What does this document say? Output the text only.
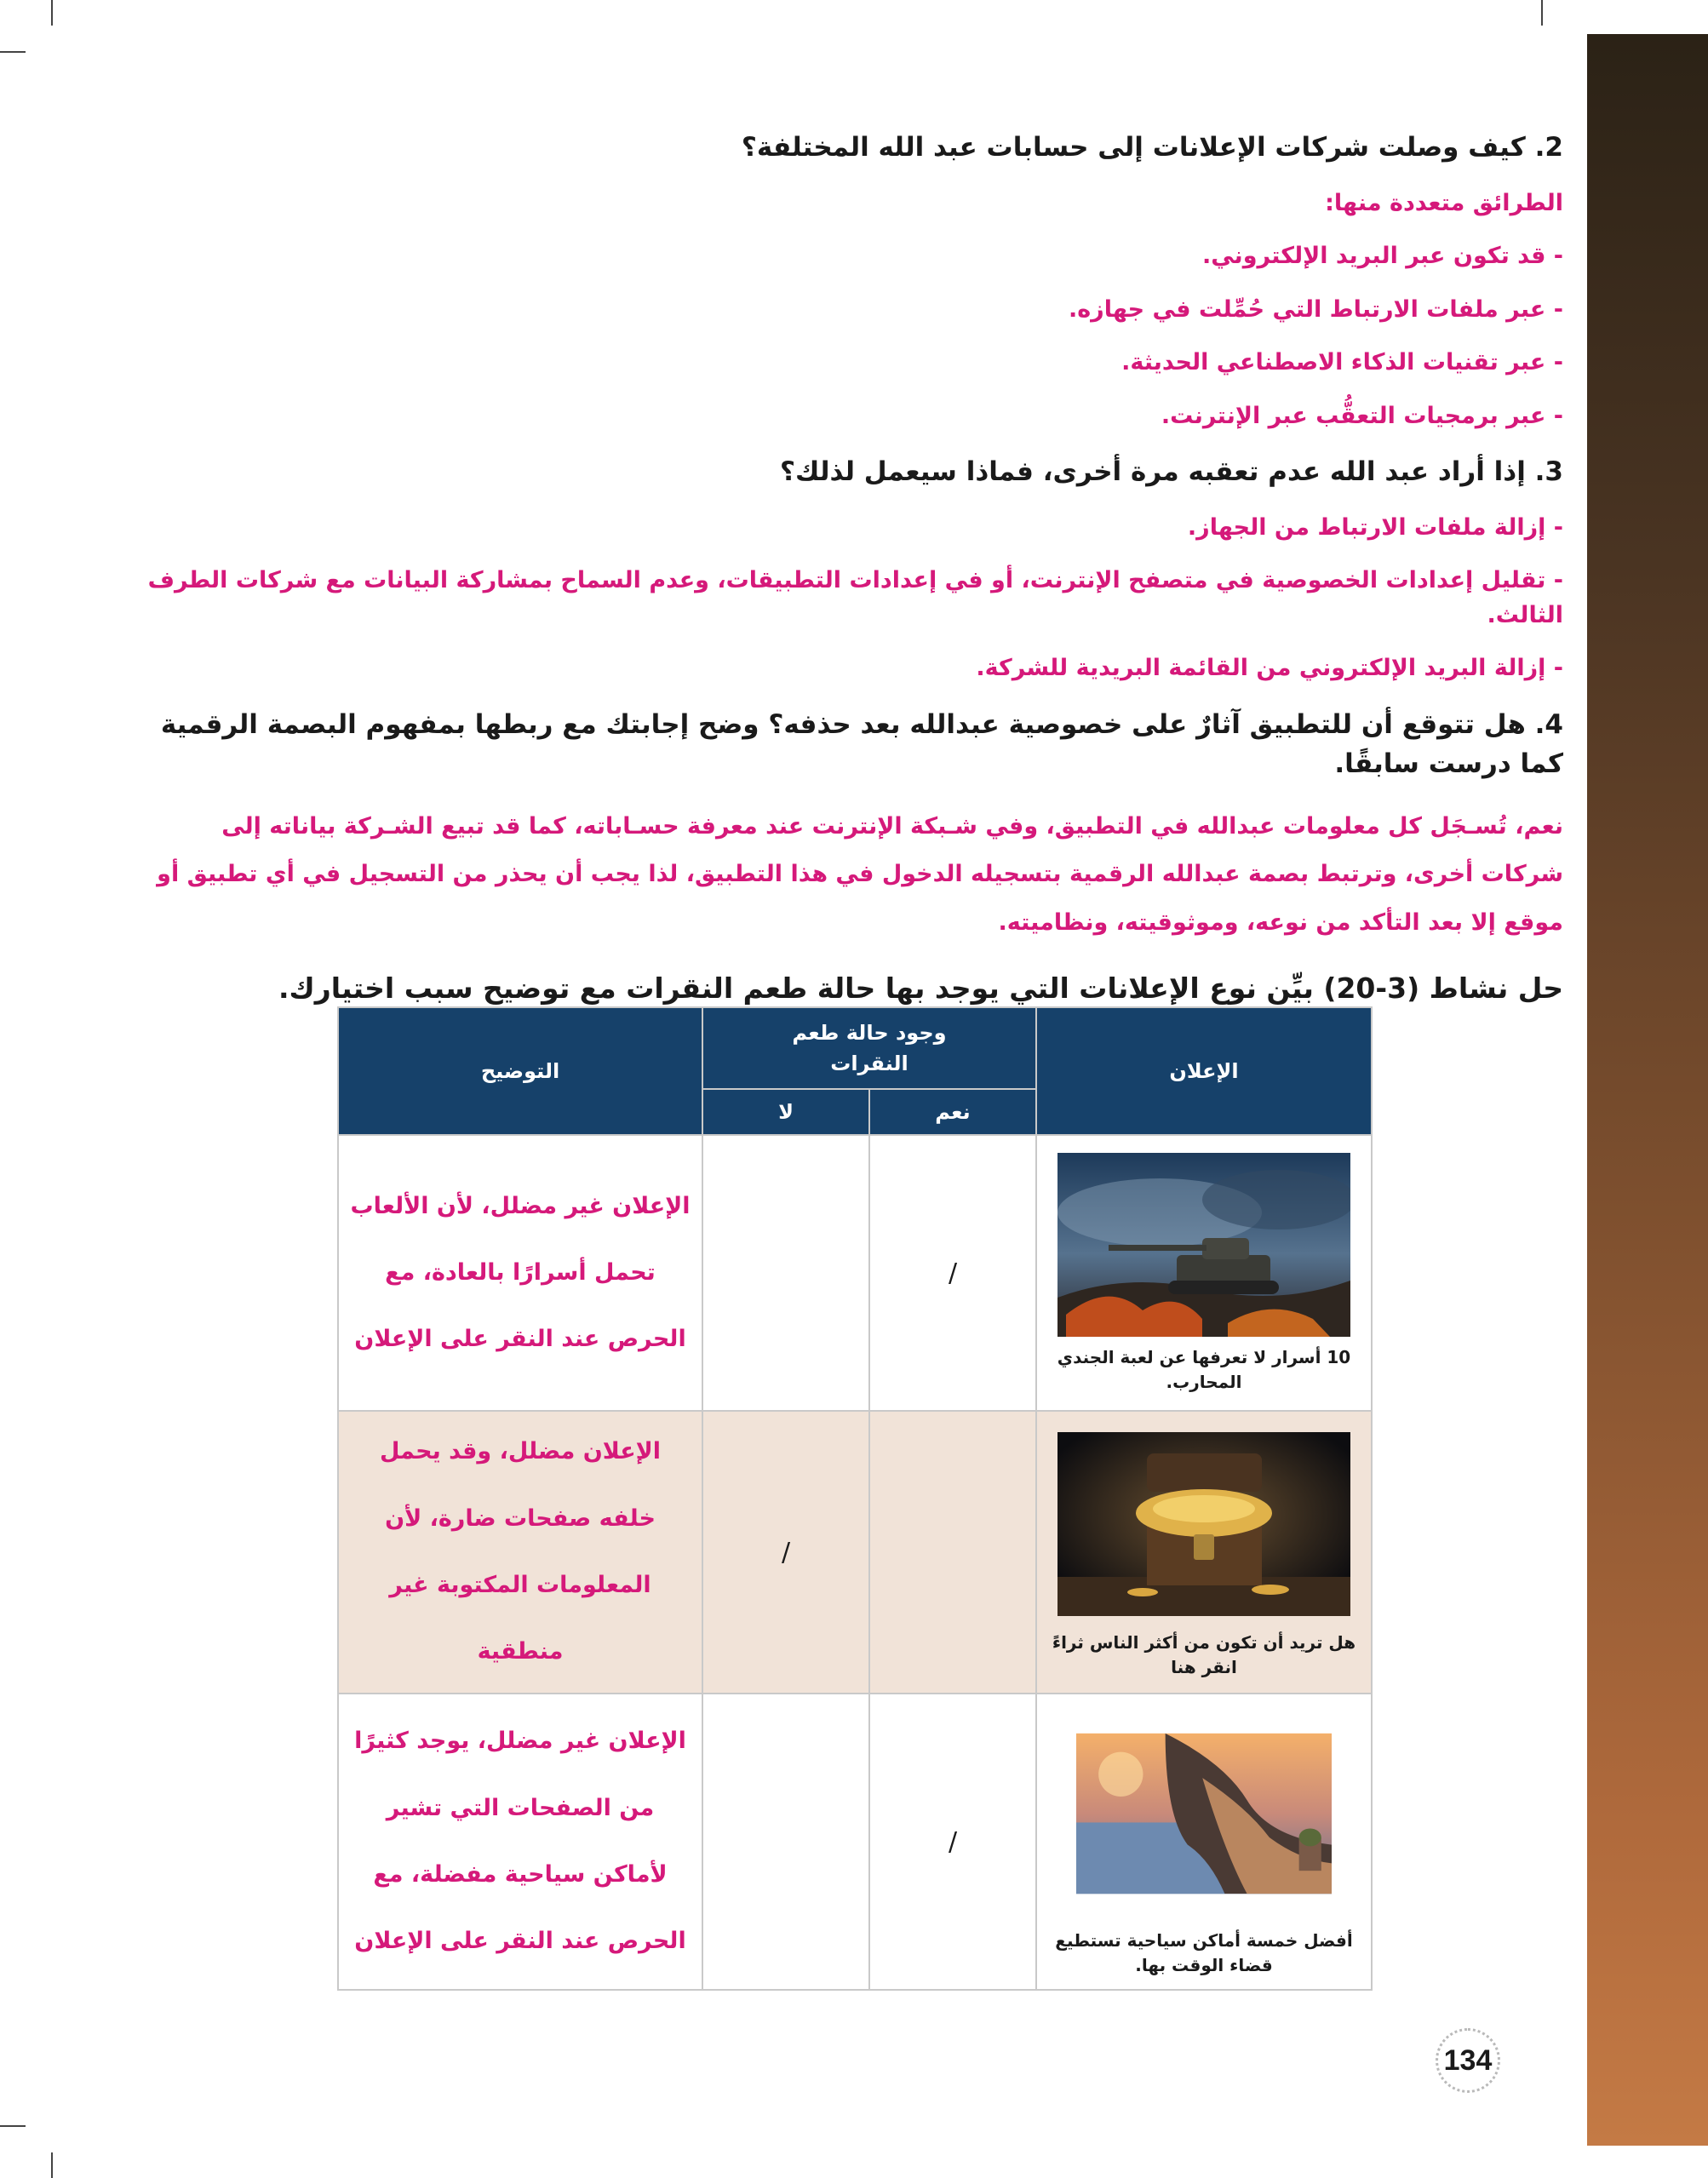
2. كيف وصلت شركات الإعلانات إلى حسابات عبد الله المختلفة؟

الطرائق متعددة منها:

- قد تكون عبر البريد الإلكتروني.

- عبر ملفات الارتباط التي حُمِّلت في جهازه.

- عبر تقنيات الذكاء الاصطناعي الحديثة.

- عبر برمجيات التعقُّب عبر الإنترنت.

3. إذا أراد عبد الله عدم تعقبه مرة أخرى، فماذا سيعمل لذلك؟

- إزالة ملفات الارتباط من الجهاز.

- تقليل إعدادات الخصوصية في متصفح الإنترنت، أو في إعدادات التطبيقات، وعدم السماح بمشاركة البيانات مع شركات الطرف الثالث.

- إزالة البريد الإلكتروني من القائمة البريدية للشركة.

4. هل تتوقع أن للتطبيق آثارٌ على خصوصية عبدالله بعد حذفه؟ وضح إجابتك مع ربطها بمفهوم البصمة الرقمية كما درست سابقًا.

نعم، تُسـجَل كل معلومات عبدالله في التطبيق، وفي شـبكة الإنترنت عند معرفة حسـاباته، كما قد تبيع الشـركة بياناته إلى شركات أخرى، وترتبط بصمة عبدالله الرقمية بتسجيله الدخول في هذا التطبيق، لذا يجب أن يحذر من التسجيل في أي تطبيق أو موقع إلا بعد التأكد من نوعه، وموثوقيته، ونظاميته.

حل نشاط (3-20) بيِّن نوع الإعلانات التي يوجد بها حالة طعم النقرات مع توضيح سبب اختيارك.

الإعلان	وجود حالة طعم النقرات		التوضيح
	نعم	لا	

10 أسرار لا تعرفها عن لعبة الجندي المحارب.	/		الإعلان غير مضلل، لأن الألعاب تحمل أسرارًا بالعادة، مع الحرص عند النقر على الإعلان

هل تريد أن تكون من أكثر الناس ثراءً انقر هنا		/	الإعلان مضلل، وقد يحمل خلفه صفحات ضارة، لأن المعلومات المكتوبة غير منطقية

أفضل خمسة أماكن سياحية تستطيع قضاء الوقت بها.	/		الإعلان غير مضلل، يوجد كثيرًا من الصفحات التي تشير لأماكن سياحية مفضلة، مع الحرص عند النقر على الإعلان
134
